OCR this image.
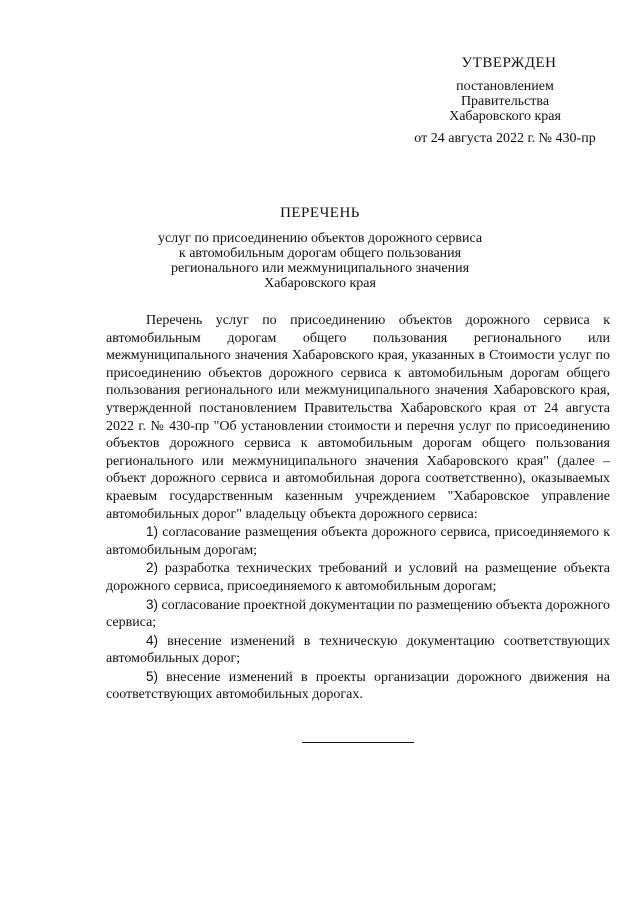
УТВЕРЖДЕН
постановлением
Правительства
Хабаровского края
от 24 августа 2022 г. № 430-пр
ПЕРЕЧЕНЬ
услуг по присоединению объектов дорожного сервиса
к автомобильным дорогам общего пользования
регионального или межмуниципального значения
Хабаровского края

Перечень услуг по присоединению объектов дорожного сервиса к автомобильным дорогам общего пользования регионального или межмуниципального значения Хабаровского края, указанных в Стоимости услуг по присоединению объектов дорожного сервиса к автомобильным дорогам общего пользования регионального или межмуниципального значения Хабаровского края, утвержденной постановлением Правительства Хабаровского края от 24 августа 2022 г. № 430-пр "Об установлении стоимости и перечня услуг по присоединению объектов дорожного сервиса к автомобильным дорогам общего пользования регионального или межмуниципального значения Хабаровского края" (далее – объект дорожного сервиса и автомобильная дорога соответственно), оказываемых краевым государственным казенным учреждением "Хабаровское управление автомобильных дорог" владельцу объекта дорожного сервиса:

1) согласование размещения объекта дорожного сервиса, присоединяемого к автомобильным дорогам;

2) разработка технических требований и условий на размещение объекта дорожного сервиса, присоединяемого к автомобильным дорогам;

3) согласование проектной документации по размещению объекта дорожного сервиса;

4) внесение изменений в техническую документацию соответствующих автомобильных дорог;

5) внесение изменений в проекты организации дорожного движения на соответствующих автомобильных дорогах.
